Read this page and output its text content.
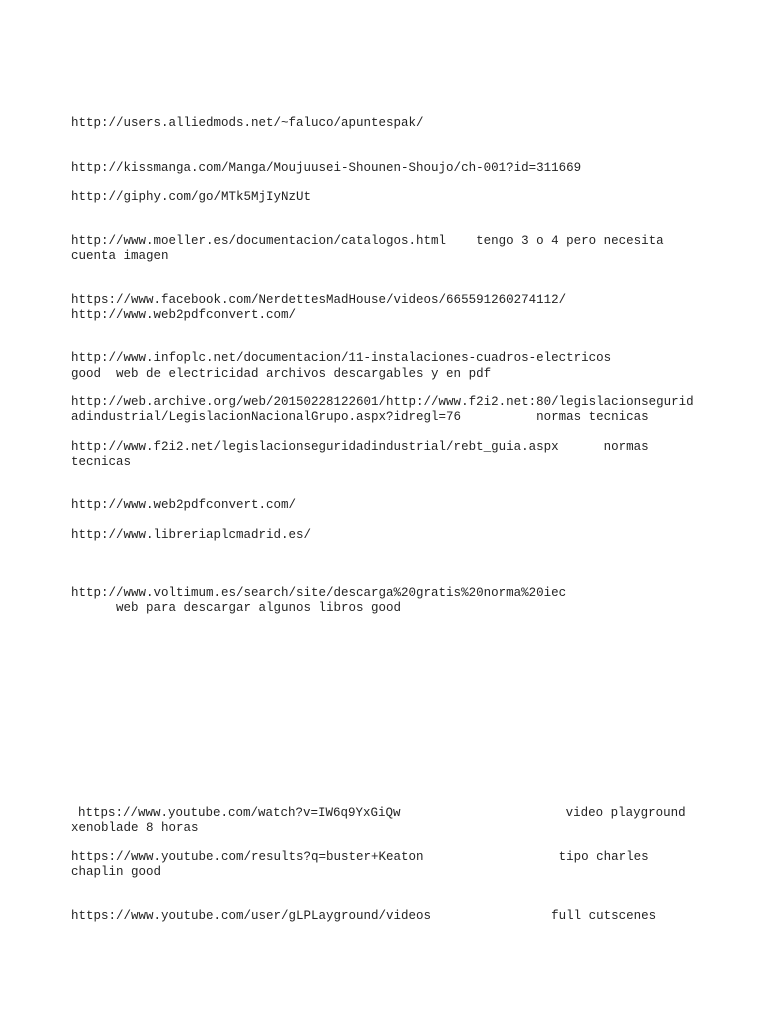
http://users.alliedmods.net/~faluco/apuntespak/

http://kissmanga.com/Manga/Moujuusei-Shounen-Shoujo/ch-001?id=311669

http://giphy.com/go/MTk5MjIyNzUt

http://www.moeller.es/documentacion/catalogos.html    tengo 3 o 4 pero necesita

cuenta imagen

https://www.facebook.com/NerdettesMadHouse/videos/665591260274112/

http://www.web2pdfconvert.com/

http://www.infoplc.net/documentacion/11-instalaciones-cuadros-electricos

good  web de electricidad archivos descargables y en pdf

http://web.archive.org/web/20150228122601/http://www.f2i2.net:80/legislacionsegurid

adindustrial/LegislacionNacionalGrupo.aspx?idregl=76          normas tecnicas

http://www.f2i2.net/legislacionseguridadindustrial/rebt_guia.aspx      normas

tecnicas

http://www.web2pdfconvert.com/

http://www.libreriaplcmadrid.es/

http://www.voltimum.es/search/site/descarga%20gratis%20norma%20iec

web para descargar algunos libros good

https://www.youtube.com/watch?v=IW6q9YxGiQw                      video playground

xenoblade 8 horas

https://www.youtube.com/results?q=buster+Keaton                  tipo charles

chaplin good

https://www.youtube.com/user/gLPLayground/videos                full cutscenes
